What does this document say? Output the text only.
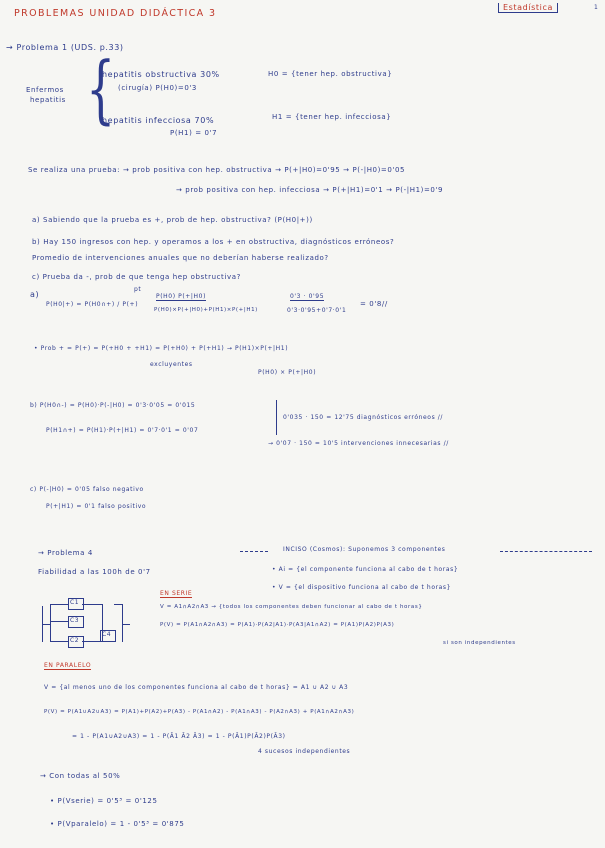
PROBLEMAS UNIDAD DIDÁCTICA 3
Estadística	1
→ Problema 1 (UDS. p.33)
Enfermos
hepatitis {
hepatitis obstructiva 30%
(cirugía) P(H0)=0'3
H0 = {tener hep. obstructiva}
hepatitis infecciosa 70%
P(H1) = 0'7
H1 = {tener hep. infecciosa}
Se realiza una prueba: → prob positiva con hep. obstructiva → P(+|H0)=0'95 → P(-|H0)=0'05
→ prob positiva con hep. infecciosa → P(+|H1)=0'1 → P(-|H1)=0'9
a) Sabiendo que la prueba es +, prob de hep. obstructiva? (P(H0|+))
b) Hay 150 ingresos con hep. y operamos a los + en obstructiva, diagnósticos erróneos?
Promedio de intervenciones anuales que no deberían haberse realizado?
c) Prueba da -, prob de que tenga hep obstructiva?
a)
P(H0|+) = P(H0∩+) / P(+)
pt
P(H0) P(+|H0)
P(H0)×P(+|H0)+P(H1)×P(+|H1)
0'3 · 0'95
0'3·0'95+0'7·0'1
= 0'8//
• Prob + = P(+) = P(+H0 + +H1) = P(+H0) + P(+H1) → P(H1)×P(+|H1)
excluyentes
P(H0) × P(+|H0)
b) P(H0∩-) = P(H0)·P(-|H0) = 0'3·0'05 = 0'015
P(H1∩+) = P(H1)·P(+|H1) = 0'7·0'1 = 0'07
0'035 · 150 = 12'75 diagnósticos erróneos //
→ 0'07 · 150 = 10'5 intervenciones innecesarias //
c) P(-|H0) = 0'05 falso negativo
P(+|H1) = 0'1 falso positivo
→ Problema 4
Fiabilidad a las 100h de 0'7
INCISO (Cosmos): Suponemos 3 componentes
• Ai = {el componente funciona al cabo de t horas}
• V = {el dispositivo funciona al cabo de t horas}
EN SERIE
V = A1∩A2∩A3 → {todos los componentes deben funcionar al cabo de t horas}
P(V) = P(A1∩A2∩A3) = P(A1)·P(A2|A1)·P(A3|A1∩A2) = P(A1)P(A2)P(A3)
si son independientes
C1
C3
C2
C4
EN PARALELO
V = {al menos uno de los componentes funciona al cabo de t horas} = A1 ∪ A2 ∪ A3
P(V) = P(A1∪A2∪A3) = P(A1)+P(A2)+P(A3) - P(A1∩A2) - P(A1∩A3) - P(A2∩A3) + P(A1∩A2∩A3)
= 1 - P(A1∪A2∪A3) = 1 - P(Ā1 Ā2 Ā3) = 1 - P(Ā1)P(Ā2)P(Ā3)
4 sucesos independientes
→ Con todas al 50%
• P(Vserie) = 0'5³ = 0'125
• P(Vparalelo) = 1 - 0'5³ = 0'875
